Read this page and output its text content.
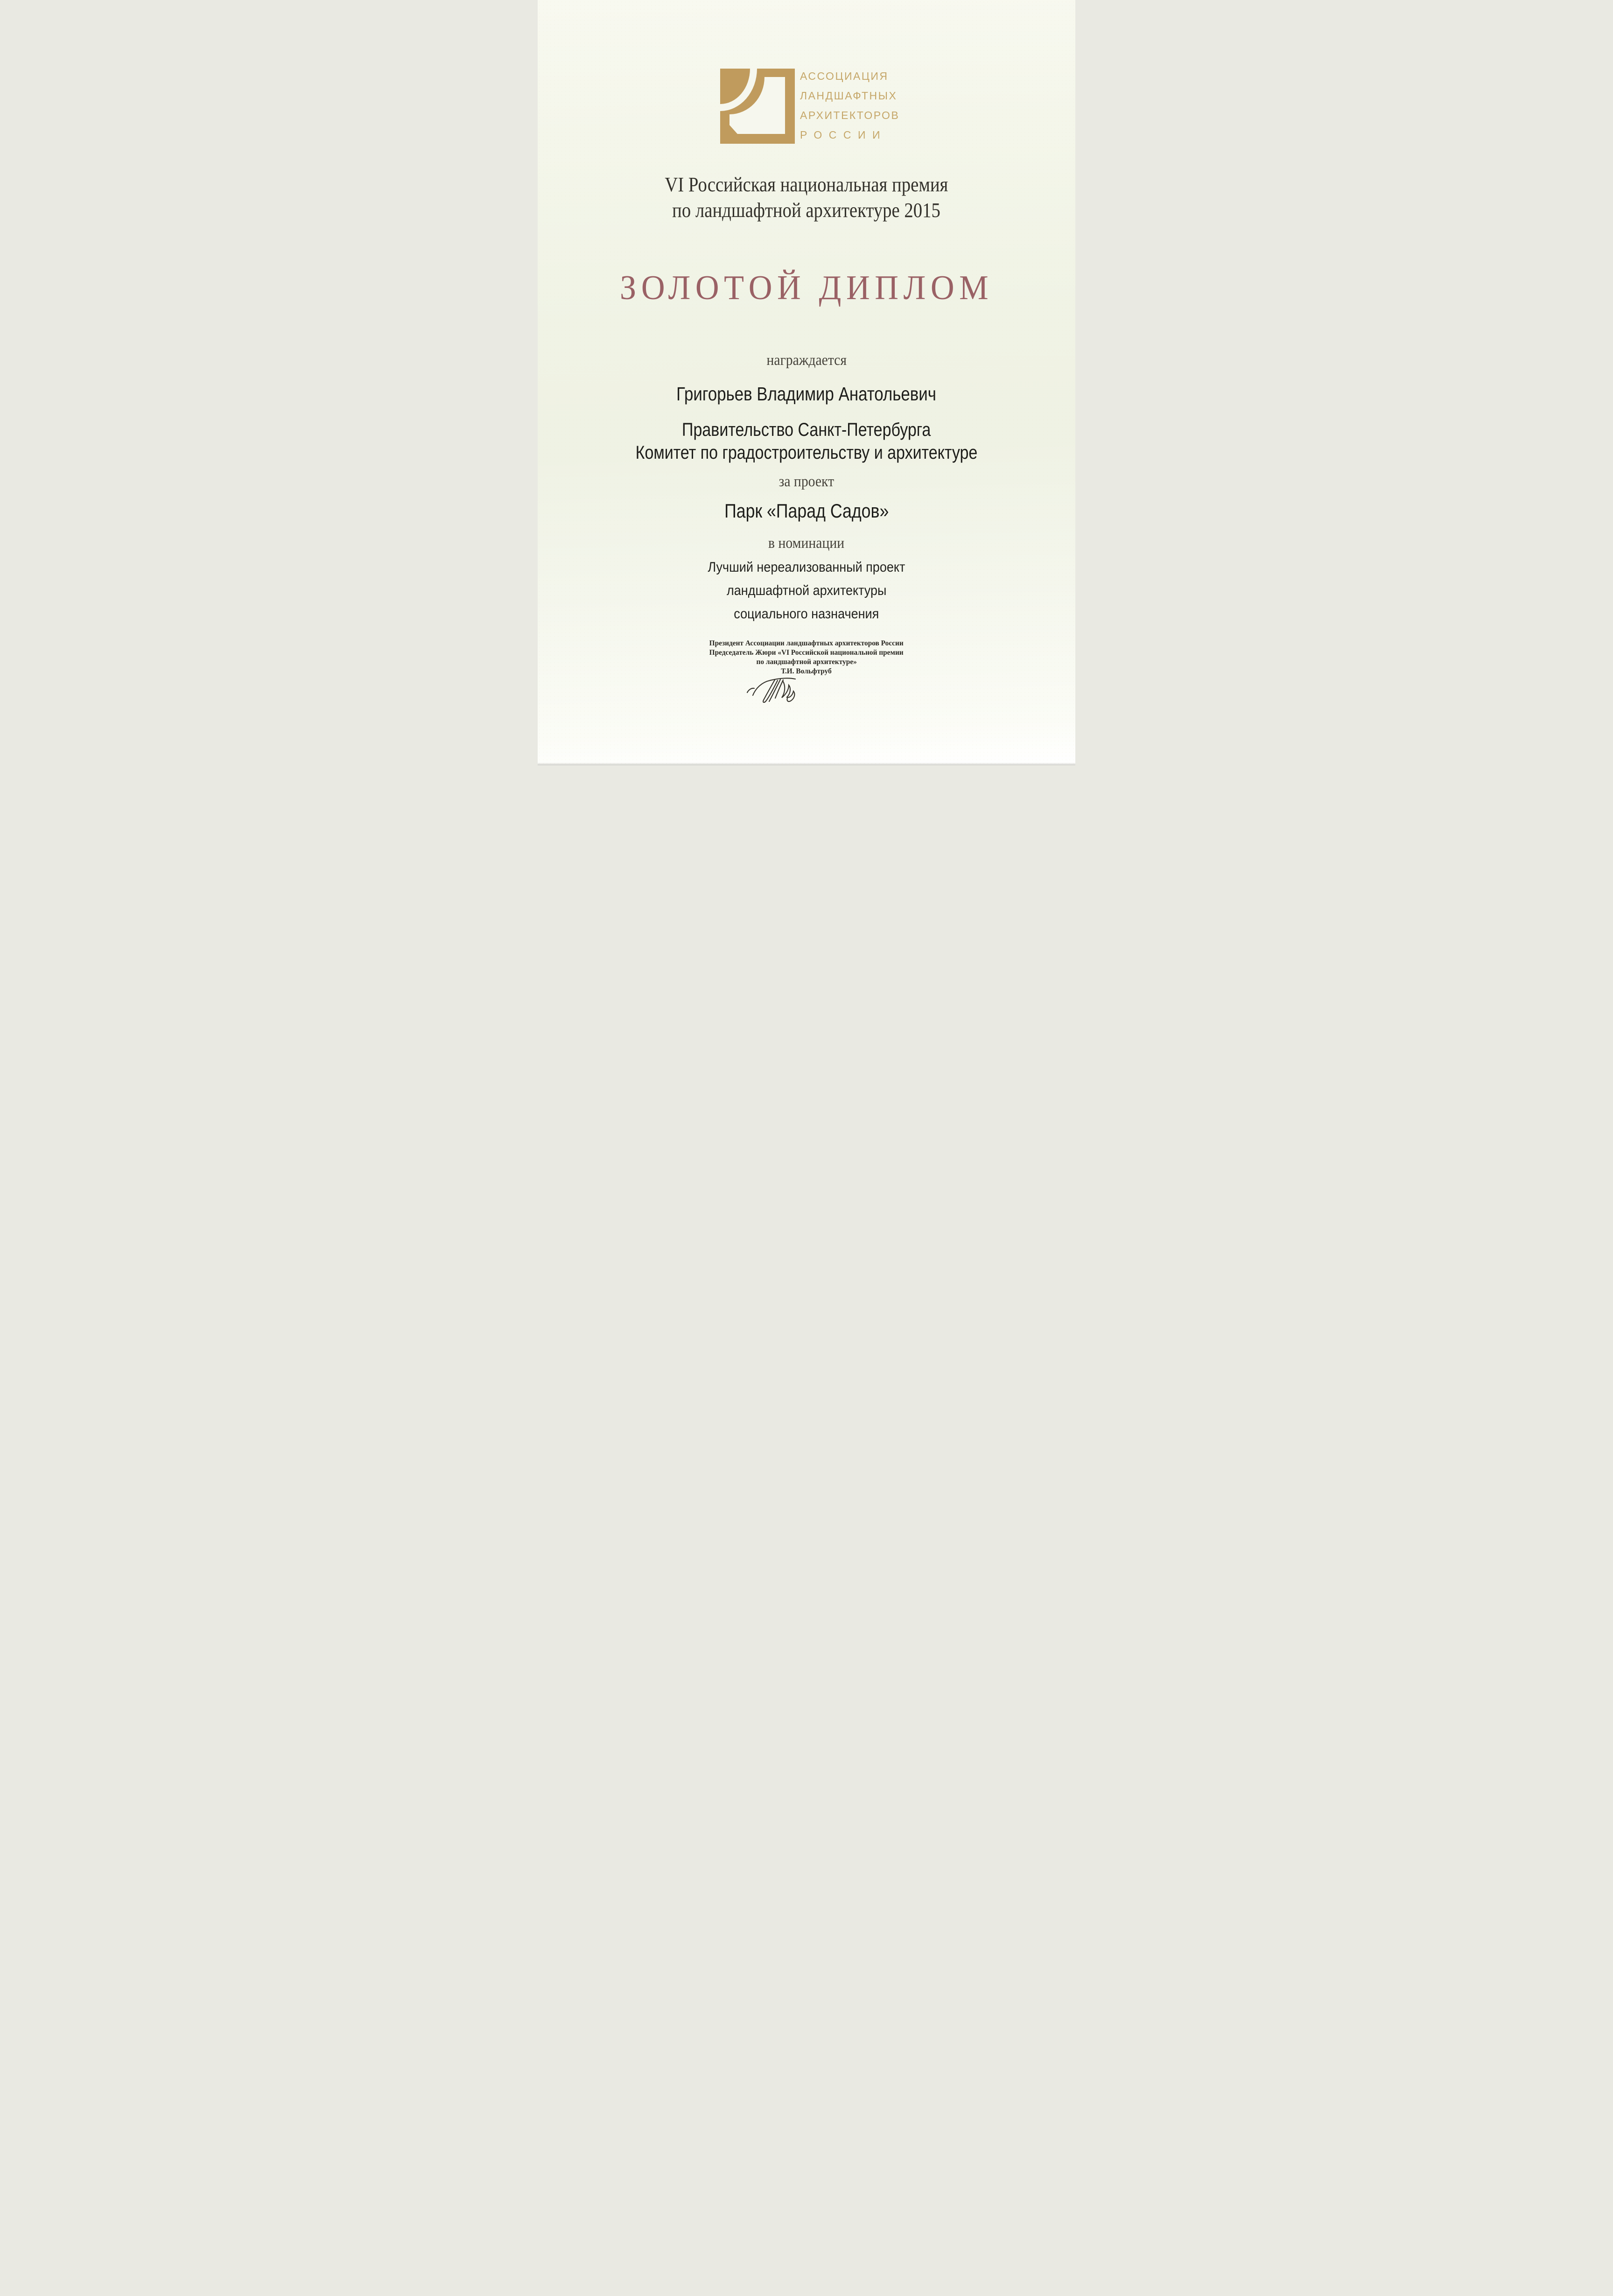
АССОЦИАЦИЯ
ЛАНДШАФТНЫХ
АРХИТЕКТОРОВ
РОССИИ
VI Российская национальная премия
по ландшафтной архитектуре 2015
ЗОЛОТОЙ ДИПЛОМ
награждается
Григорьев Владимир Анатольевич
Правительство Санкт-Петербурга
Комитет по градостроительству и архитектуре
за проект
Парк «Парад Садов»
в номинации
Лучший нереализованный проект
ландшафтной архитектуры
социального назначения
Президент Ассоциации ландшафтных архитекторов России
Председатель Жюри «VI Российской национальной премии
по ландшафтной архитектуре»
Т.И. Вольфтруб
